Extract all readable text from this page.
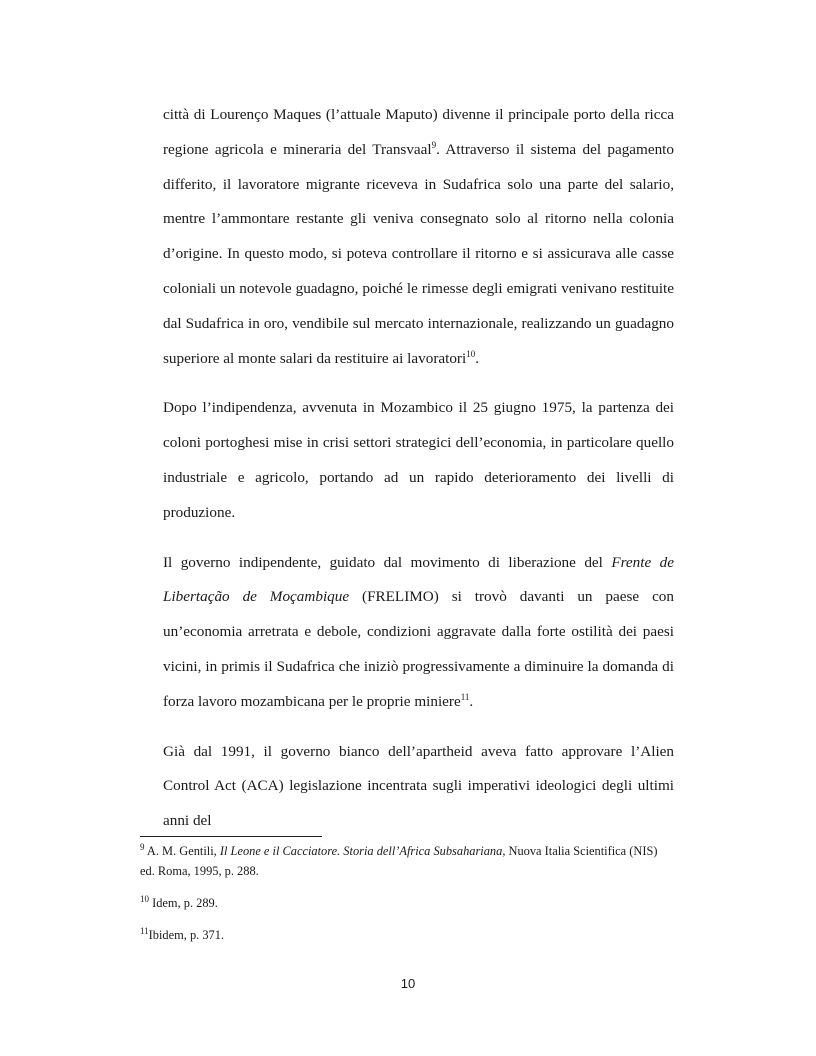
città di Lourenço Maques (l’attuale Maputo) divenne il principale porto della ricca regione agricola e mineraria del Transvaal$^9$. Attraverso il sistema del pagamento differito, il lavoratore migrante riceveva in Sudafrica solo una parte del salario, mentre l’ammontare restante gli veniva consegnato solo al ritorno nella colonia d’origine. In questo modo, si poteva controllare il ritorno e si assicurava alle casse coloniali un notevole guadagno, poiché le rimesse degli emigrati venivano restituite dal Sudafrica in oro, vendibile sul mercato internazionale, realizzando un guadagno superiore al monte salari da restituire ai lavoratori$^{10}$.

Dopo l’indipendenza, avvenuta in Mozambico il 25 giugno 1975, la partenza dei coloni portoghesi mise in crisi settori strategici dell’economia, in particolare quello industriale e agricolo, portando ad un rapido deterioramento dei livelli di produzione.

Il governo indipendente, guidato dal movimento di liberazione del Frente de Libertação de Moçambique (FRELIMO) si trovò davanti un paese con un’economia arretrata e debole, condizioni aggravate dalla forte ostilità dei paesi vicini, in primis il Sudafrica che iniziò progressivamente a diminuire la domanda di forza lavoro mozambicana per le proprie miniere$^{11}$.

Già dal 1991, il governo bianco dell’apartheid aveva fatto approvare l’Alien Control Act (ACA) legislazione incentrata sugli imperativi ideologici degli ultimi anni del

$^9$ A. M. Gentili, Il Leone e il Cacciatore. Storia dell’Africa Subsahariana, Nuova Italia Scientifica (NIS) ed. Roma, 1995, p. 288.

$^{10}$ Idem, p. 289.

$^{11}$Ibidem, p. 371.

10
